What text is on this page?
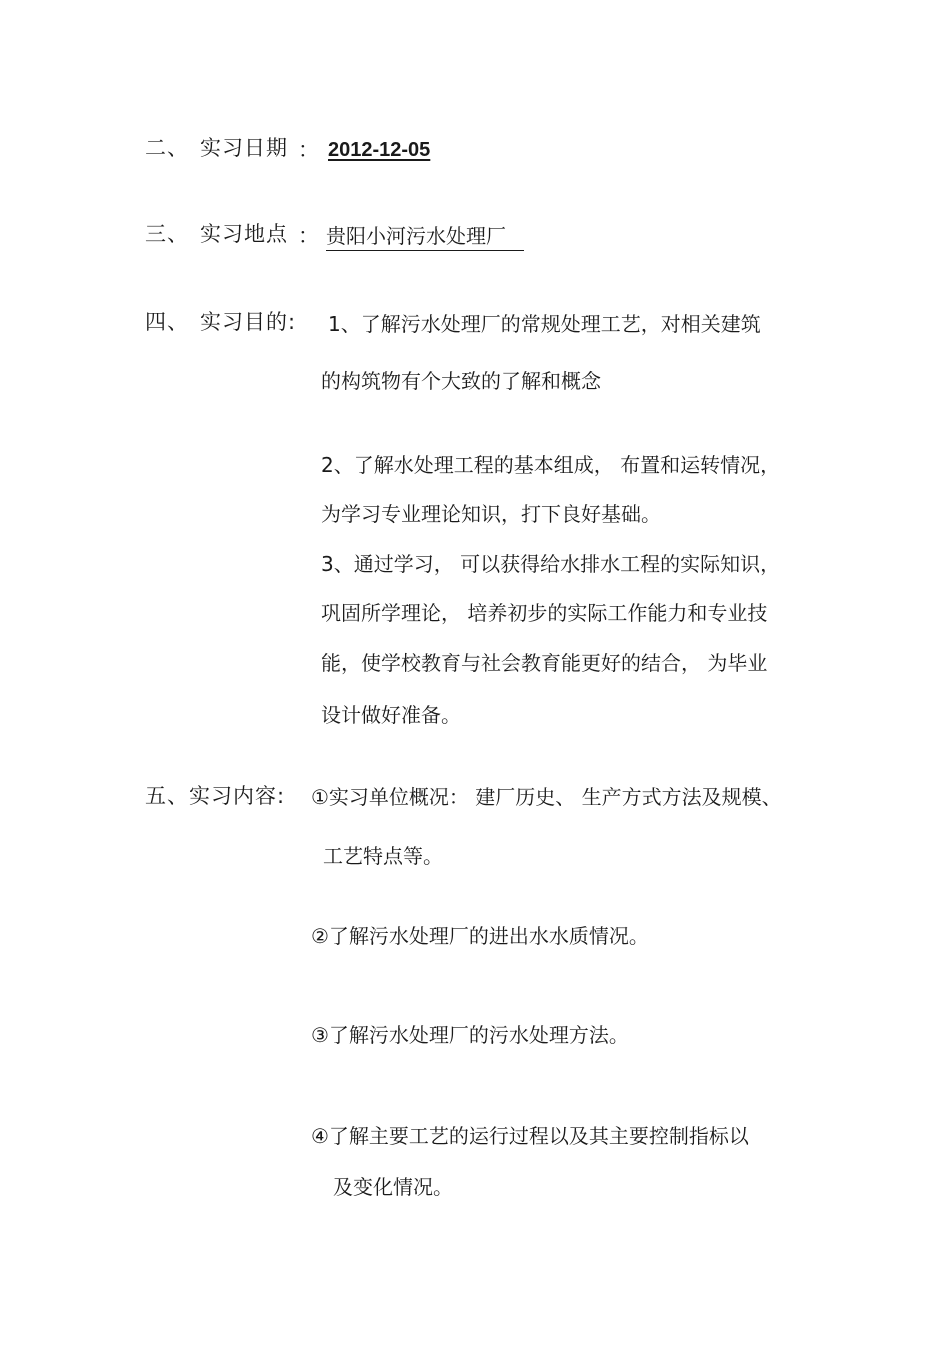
二、 实习日期 ： 2012-12-05
三、 实习地点 ： 贵阳小河污水处理厂
四、 实习目的: 1、了解污水处理厂的常规处理工艺，对相关建筑
的构筑物有个大致的了解和概念
2、了解水处理工程的基本组成， 布置和运转情况，
为学习专业理论知识，打下良好基础。
3、通过学习， 可以获得给水排水工程的实际知识，
巩固所学理论， 培养初步的实际工作能力和专业技
能，使学校教育与社会教育能更好的结合， 为毕业
设计做好准备。
五、实习内容: ①实习单位概况： 建厂历史、 生产方式方法及规模、
工艺特点等。
②了解污水处理厂的进出水水质情况。
③了解污水处理厂的污水处理方法。
④了解主要工艺的运行过程以及其主要控制指标以
及变化情况。
